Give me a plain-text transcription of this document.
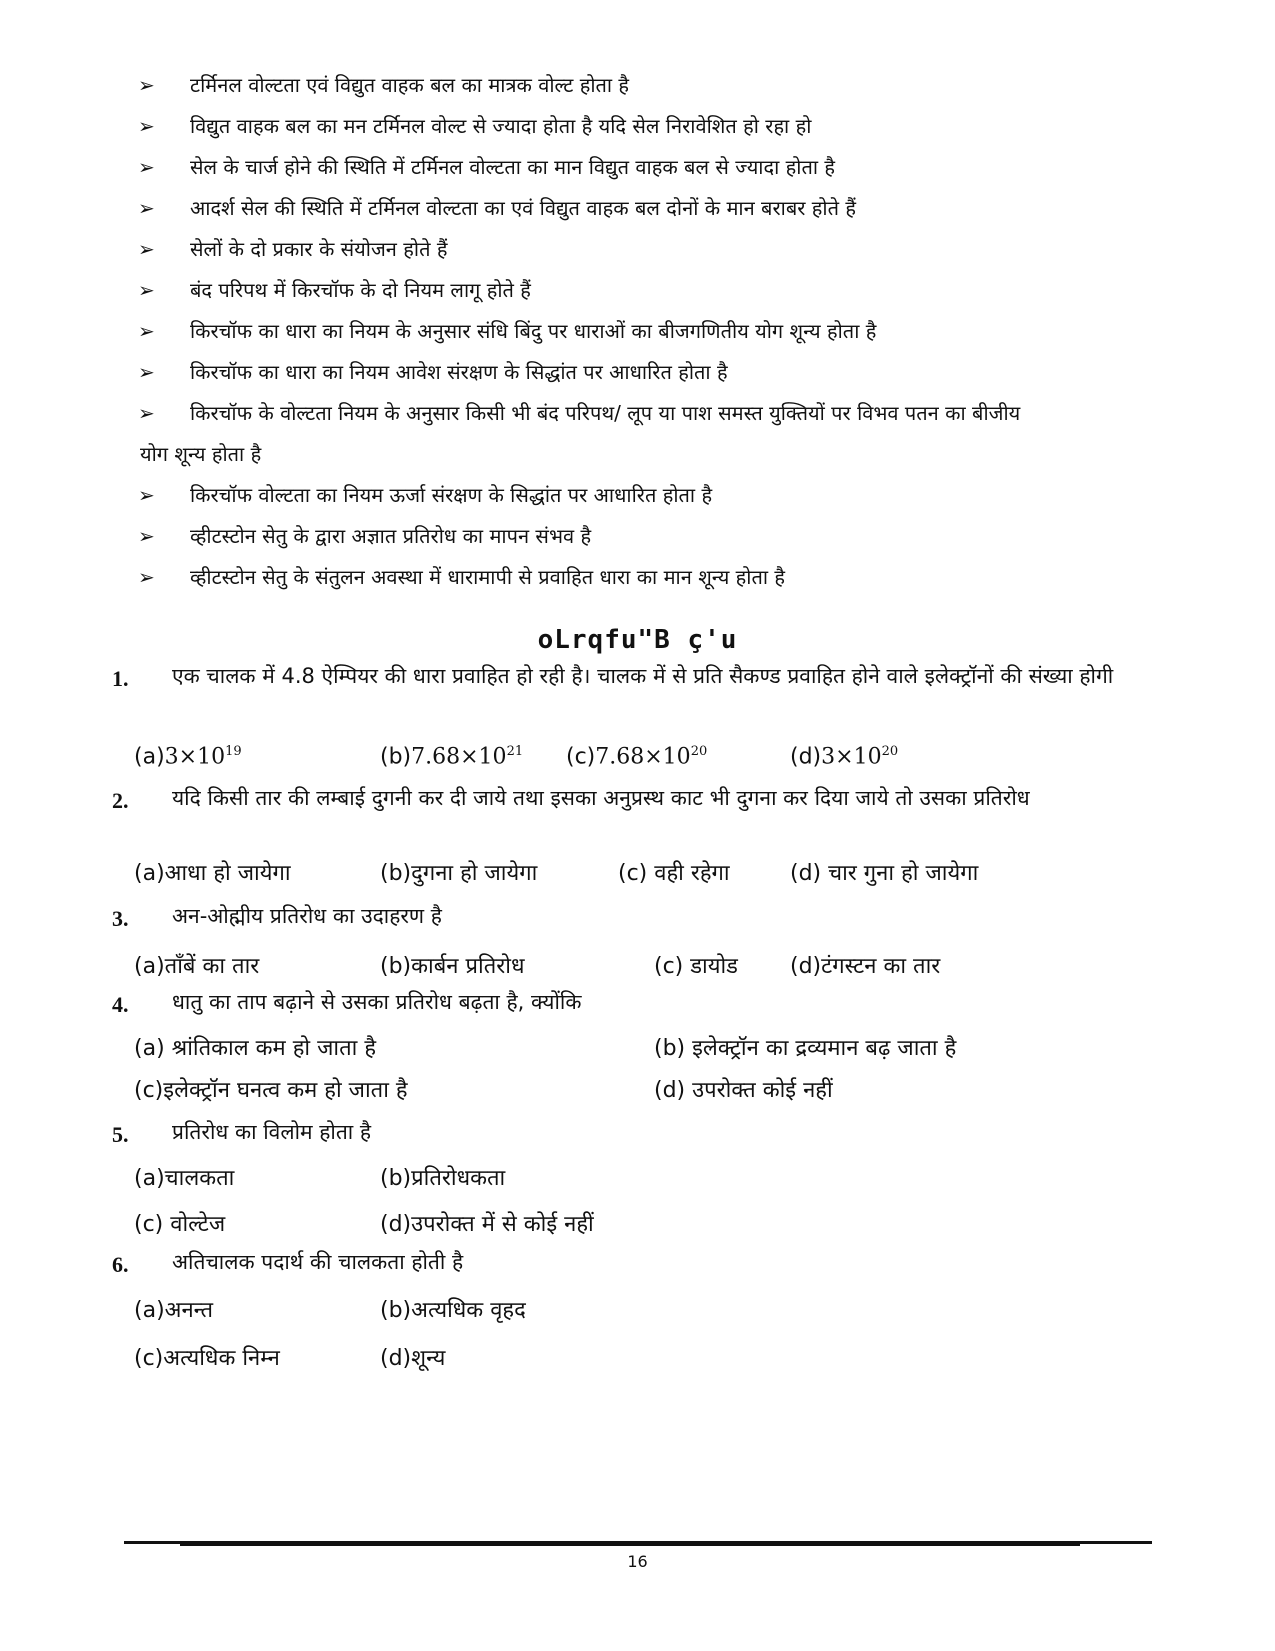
➢ टर्मिनल वोल्टता एवं विद्युत वाहक बल का मात्रक वोल्ट होता है
➢ विद्युत वाहक बल का मन टर्मिनल वोल्ट से ज्यादा होता है यदि सेल निरावेशित हो रहा हो
➢ सेल के चार्ज होने की स्थिति में टर्मिनल वोल्टता का मान विद्युत वाहक बल से ज्यादा होता है
➢ आदर्श सेल की स्थिति में टर्मिनल वोल्टता का एवं विद्युत वाहक बल दोनों के मान बराबर होते हैं
➢ सेलों के दो प्रकार के संयोजन होते हैं
➢ बंद परिपथ में किरचॉफ के दो नियम लागू होते हैं
➢ किरचॉफ का धारा का नियम के अनुसार संधि बिंदु पर धाराओं का बीजगणितीय योग शून्य होता है
➢ किरचॉफ का धारा का नियम आवेश संरक्षण के सिद्धांत पर आधारित होता है
➢ किरचॉफ के वोल्टता नियम के अनुसार किसी भी बंद परिपथ/ लूप या पाश समस्त युक्तियों पर विभव पतन का बीजीय
योग शून्य होता है
➢ किरचॉफ वोल्टता का नियम ऊर्जा संरक्षण के सिद्धांत पर आधारित होता है
➢ व्हीटस्टोन सेतु के द्वारा अज्ञात प्रतिरोध का मापन संभव है
➢ व्हीटस्टोन सेतु के संतुलन अवस्था में धारामापी से प्रवाहित धारा का मान शून्य होता है
oLrqfu"B ç'u
1. एक चालक में 4.8 ऐम्पियर की धारा प्रवाहित हो रही है। चालक में से प्रति सैकण्ड प्रवाहित होने वाले इलेक्ट्रॉनों की संख्या होगी
$(a)3\times 10^{19}$	$(b)7.68\times 10^{21}$ $(c)7.68\times 10^{20}$	$(d)3\times 10^{20}$
2. यदि किसी तार की लम्बाई दुगनी कर दी जाये तथा इसका अनुप्रस्थ काट भी दुगना कर दिया जाये तो उसका प्रतिरोध
(a)आधा हो जायेगा	(b)दुगना हो जायेगा	(c) वही रहेगा	(d) चार गुना हो जायेगा
3. अन-ओह्मीय प्रतिरोध का उदाहरण है
(a)ताँबें का तार	(b)कार्बन प्रतिरोध	(c) डायोड (d)टंगस्टन का तार
4. धातु का ताप बढ़ाने से उसका प्रतिरोध बढ़ता है, क्योंकि
(a) श्रांतिकाल कम हो जाता है	(b) इलेक्ट्रॉन का द्रव्यमान बढ़ जाता है
(c)इलेक्ट्रॉन घनत्व कम हो जाता है	(d) उपरोक्त कोई नहीं
5. प्रतिरोध का विलोम होता है
(a)चालकता	(b)प्रतिरोधकता
(c) वोल्टेज	(d)उपरोक्त में से कोई नहीं
6. अतिचालक पदार्थ की चालकता होती है
(a)अनन्त	(b)अत्यधिक वृहद
(c)अत्यधिक निम्न	(d)शून्य
16
